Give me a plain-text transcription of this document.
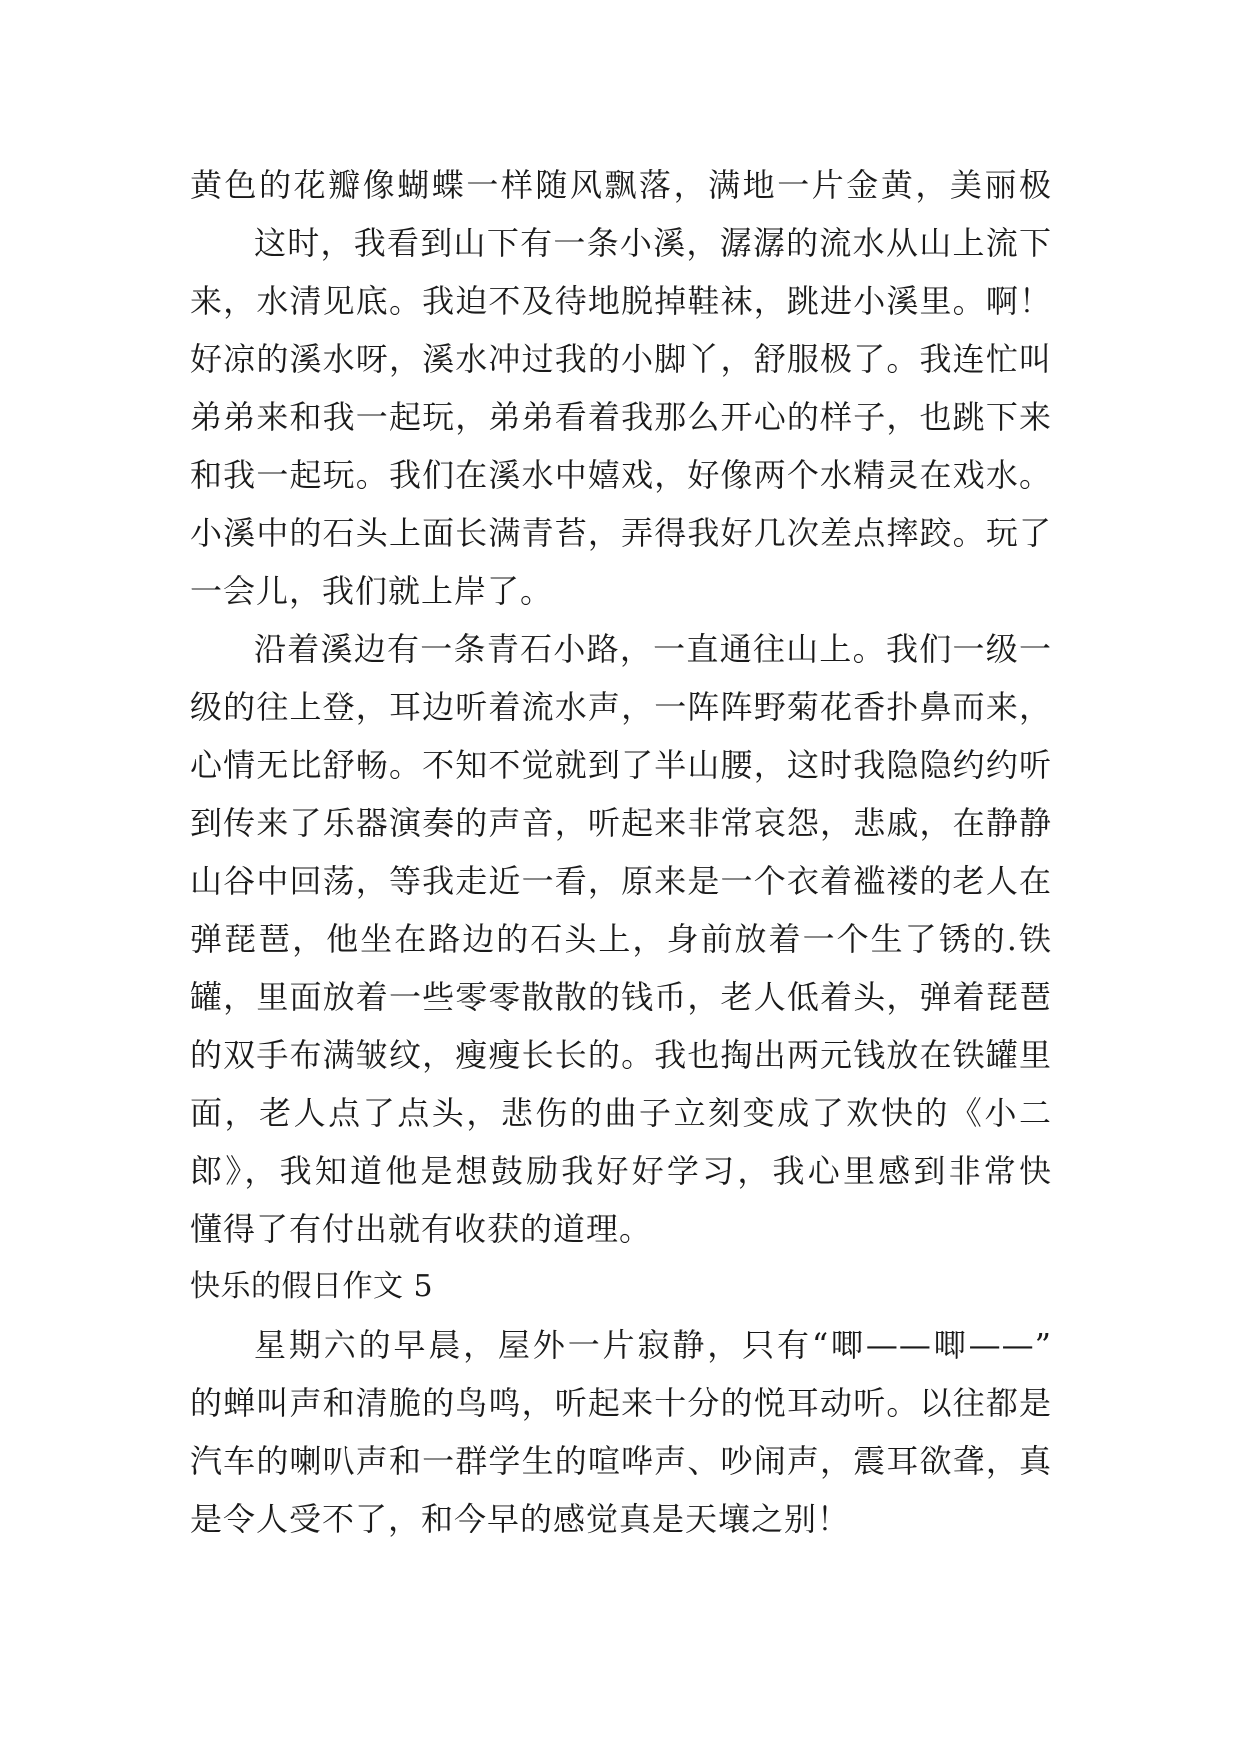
黄色的花瓣像蝴蝶一样随风飘落，满地一片金黄，美丽极
这时，我看到山下有一条小溪，潺潺的流水从山上流下
来，水清见底。我迫不及待地脱掉鞋袜，跳进小溪里。啊！
好凉的溪水呀，溪水冲过我的小脚丫，舒服极了。我连忙叫
弟弟来和我一起玩，弟弟看着我那么开心的样子，也跳下来
和我一起玩。我们在溪水中嬉戏，好像两个水精灵在戏水。
小溪中的石头上面长满青苔，弄得我好几次差点摔跤。玩了
一会儿，我们就上岸了。
沿着溪边有一条青石小路，一直通往山上。我们一级一
级的往上登，耳边听着流水声，一阵阵野菊花香扑鼻而来，
心情无比舒畅。不知不觉就到了半山腰，这时我隐隐约约听
到传来了乐器演奏的声音，听起来非常哀怨，悲戚，在静静
山谷中回荡，等我走近一看，原来是一个衣着褴褛的老人在
弹琵琶，他坐在路边的石头上，身前放着一个生了锈的.铁
罐，里面放着一些零零散散的钱币，老人低着头，弹着琵琶
的双手布满皱纹，瘦瘦长长的。我也掏出两元钱放在铁罐里
面，老人点了点头，悲伤的曲子立刻变成了欢快的《小二
郎》，我知道他是想鼓励我好好学习，我心里感到非常快
懂得了有付出就有收获的道理。
快乐的假日作文 5
星期六的早晨，屋外一片寂静，只有“唧——唧——”
的蝉叫声和清脆的鸟鸣，听起来十分的悦耳动听。以往都是
汽车的喇叭声和一群学生的喧哗声、吵闹声，震耳欲聋，真
是令人受不了，和今早的感觉真是天壤之别！
